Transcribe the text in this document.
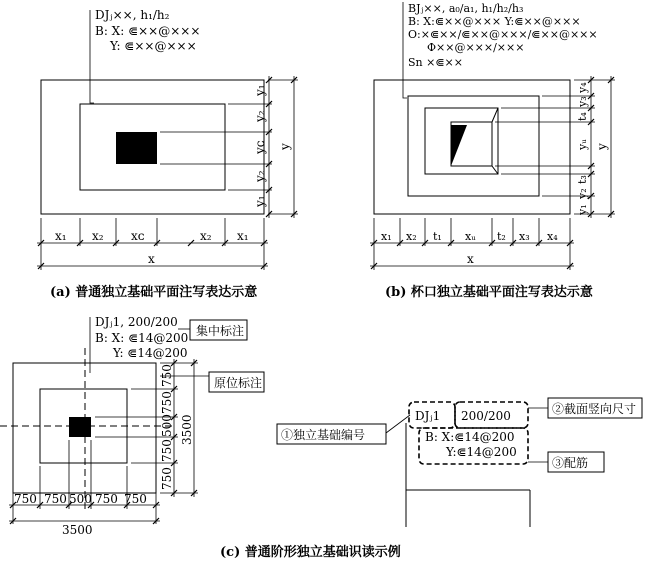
DJⱼ××, h₁/h₂
B: X: ⋐××@×××
Y: ⋐××@×××
x₁ x₂ xᴄ	x₂ x₁
x
y₁
y₂
yᴄ
y₂
y₁
y
(a) 普通独立基础平面注写表达示意
BJⱼ××, a₀/a₁, h₁/h₂/h₃
B: X:⋐××@××× Y:⋐××@×××
O:×⋐××/⋐××@×××/⋐××@×××
Φ××@×××/×××
Sn ×⋐××
x₁ x₂ t₁ xᵤ t₂ x₃ x₄
x
y₄
y₃
t₄
yᵤ
t₃
y₂
y₁
y
(b) 杯口独立基础平面注写表达示意
DJⱼ1, 200/200
B: X: ⋐14@200
Y: ⋐14@200
集中标注
原位标注
750 750 500 750 750
3500
750
750
500
750
750
3500	DJⱼ1 200/200
B: X:⋐14@200
Y:⋐14@200
①独立基础编号
②截面竖向尺寸
③配筋
(c) 普通阶形独立基础识读示例
